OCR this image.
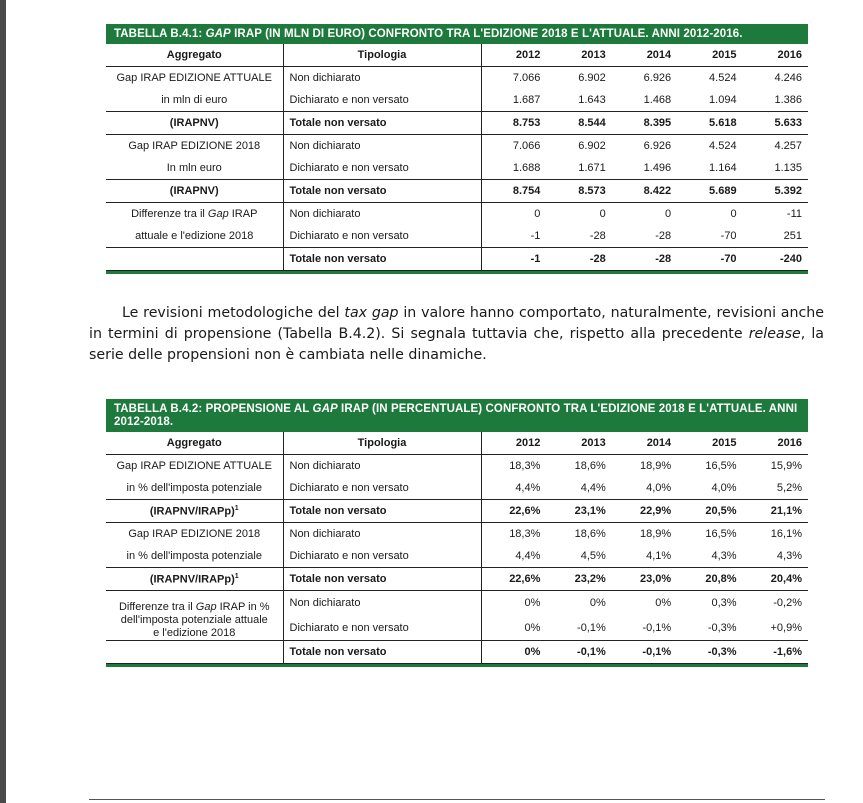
TABELLA B.4.1: GAP IRAP (IN MLN DI EURO) CONFRONTO TRA L'EDIZIONE 2018 E L'ATTUALE. ANNI 2012-2016.
Aggregato	Tipologia	2012	2013	2014	2015	2016
Gap IRAP EDIZIONE ATTUALE	Non dichiarato	7.066	6.902	6.926	4.524	4.246
in mln di euro	Dichiarato e non versato	1.687	1.643	1.468	1.094	1.386
(IRAPNV)	Totale non versato	8.753	8.544	8.395	5.618	5.633
Gap IRAP EDIZIONE 2018	Non dichiarato	7.066	6.902	6.926	4.524	4.257
In mln euro	Dichiarato e non versato	1.688	1.671	1.496	1.164	1.135
(IRAPNV)	Totale non versato	8.754	8.573	8.422	5.689	5.392
Differenze tra il Gap IRAP	Non dichiarato	0	0	0	0	-11
attuale e l'edizione 2018	Dichiarato e non versato	-1	-28	-28	-70	251
	Totale non versato	-1	-28	-28	-70	-240

Le revisioni metodologiche del tax gap in valore hanno comportato, naturalmente, revisioni anche in termini di propensione (Tabella B.4.2). Si segnala tuttavia che, rispetto alla precedente release, la serie delle propensioni non è cambiata nelle dinamiche.

TABELLA B.4.2: PROPENSIONE AL GAP IRAP (IN PERCENTUALE) CONFRONTO TRA L'EDIZIONE 2018 E L'ATTUALE. ANNI 2012-2018.
Aggregato	Tipologia	2012	2013	2014	2015	2016
Gap IRAP EDIZIONE ATTUALE	Non dichiarato	18,3%	18,6%	18,9%	16,5%	15,9%
in % dell'imposta potenziale	Dichiarato e non versato	4,4%	4,4%	4,0%	4,0%	5,2%
(IRAPNV/IRAPp)$^1$	Totale non versato	22,6%	23,1%	22,9%	20,5%	21,1%
Gap IRAP EDIZIONE 2018	Non dichiarato	18,3%	18,6%	18,9%	16,5%	16,1%
in % dell'imposta potenziale	Dichiarato e non versato	4,4%	4,5%	4,1%	4,3%	4,3%
(IRAPNV/IRAPp)$^1$	Totale non versato	22,6%	23,2%	23,0%	20,8%	20,4%
Differenze tra il Gap IRAP in %
dell'imposta potenziale attuale
e l'edizione 2018	Non dichiarato	0%	0%	0%	0,3%	-0,2%
	Dichiarato e non versato	0%	-0,1%	-0,1%	-0,3%	+0,9%
	Totale non versato	0%	-0,1%	-0,1%	-0,3%	-1,6%
